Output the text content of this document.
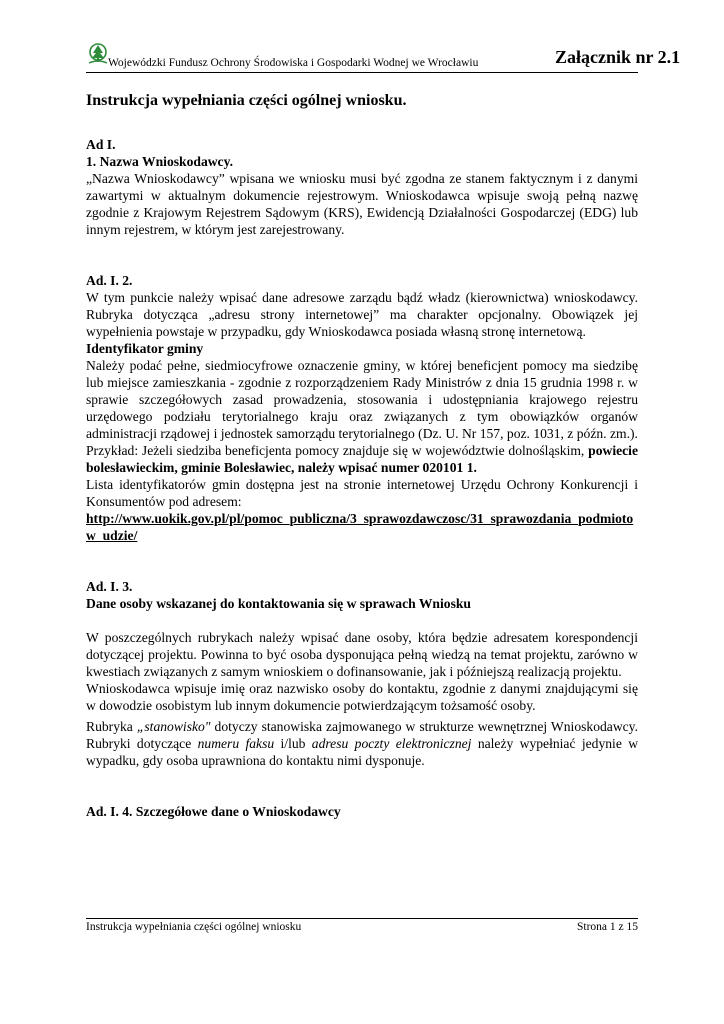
Wojewódzki Fundusz Ochrony Środowiska i Gospodarki Wodnej we Wrocławiu	Załącznik nr 2.1
Instrukcja wypełniania części ogólnej wniosku.

Ad I.

1. Nazwa Wnioskodawcy.

„Nazwa Wnioskodawcy” wpisana we wniosku musi być zgodna ze stanem faktycznym i z danymi zawartymi w aktualnym dokumencie rejestrowym. Wnioskodawca wpisuje swoją pełną nazwę zgodnie z Krajowym Rejestrem Sądowym (KRS), Ewidencją Działalności Gospodarczej (EDG) lub innym rejestrem, w którym jest zarejestrowany.

Ad. I. 2.

W tym punkcie należy wpisać dane adresowe zarządu bądź władz (kierownictwa) wnioskodawcy. Rubryka dotycząca „adresu strony internetowej” ma charakter opcjonalny. Obowiązek jej wypełnienia powstaje w przypadku, gdy Wnioskodawca posiada własną stronę internetową.

Identyfikator gminy

Należy podać pełne, siedmiocyfrowe oznaczenie gminy, w której beneficjent pomocy ma siedzibę lub miejsce zamieszkania - zgodnie z rozporządzeniem Rady Ministrów z dnia 15 grudnia 1998 r. w sprawie szczegółowych zasad prowadzenia, stosowania i udostępniania krajowego rejestru urzędowego podziału terytorialnego kraju oraz związanych z tym obowiązków organów administracji rządowej i jednostek samorządu terytorialnego (Dz. U. Nr 157, poz. 1031, z późn. zm.).

Przykład: Jeżeli siedziba beneficjenta pomocy znajduje się w województwie dolnośląskim, powiecie bolesławieckim, gminie Bolesławiec, należy wpisać numer 020101 1.

Lista identyfikatorów gmin dostępna jest na stronie internetowej Urzędu Ochrony Konkurencji i Konsumentów pod adresem:

http://www.uokik.gov.pl/pl/pomoc_publiczna/3_sprawozdawczosc/31_sprawozdania_podmiotow_udzie/

Ad. I. 3.

Dane osoby wskazanej do kontaktowania się w sprawach Wniosku

W poszczególnych rubrykach należy wpisać dane osoby, która będzie adresatem korespondencji dotyczącej projektu. Powinna to być osoba dysponująca pełną wiedzą na temat projektu, zarówno w kwestiach związanych z samym wnioskiem o dofinansowanie, jak i późniejszą realizacją projektu.

Wnioskodawca wpisuje imię oraz nazwisko osoby do kontaktu, zgodnie z danymi znajdującymi się w dowodzie osobistym lub innym dokumencie potwierdzającym tożsamość osoby.

Rubryka „stanowisko" dotyczy stanowiska zajmowanego w strukturze wewnętrznej Wnioskodawcy. Rubryki dotyczące numeru faksu i/lub adresu poczty elektronicznej należy wypełniać jedynie w wypadku, gdy osoba uprawniona do kontaktu nimi dysponuje.

Ad. I. 4. Szczegółowe dane o Wnioskodawcy

Instrukcja wypełniania części ogólnej wniosku	Strona 1 z 15
